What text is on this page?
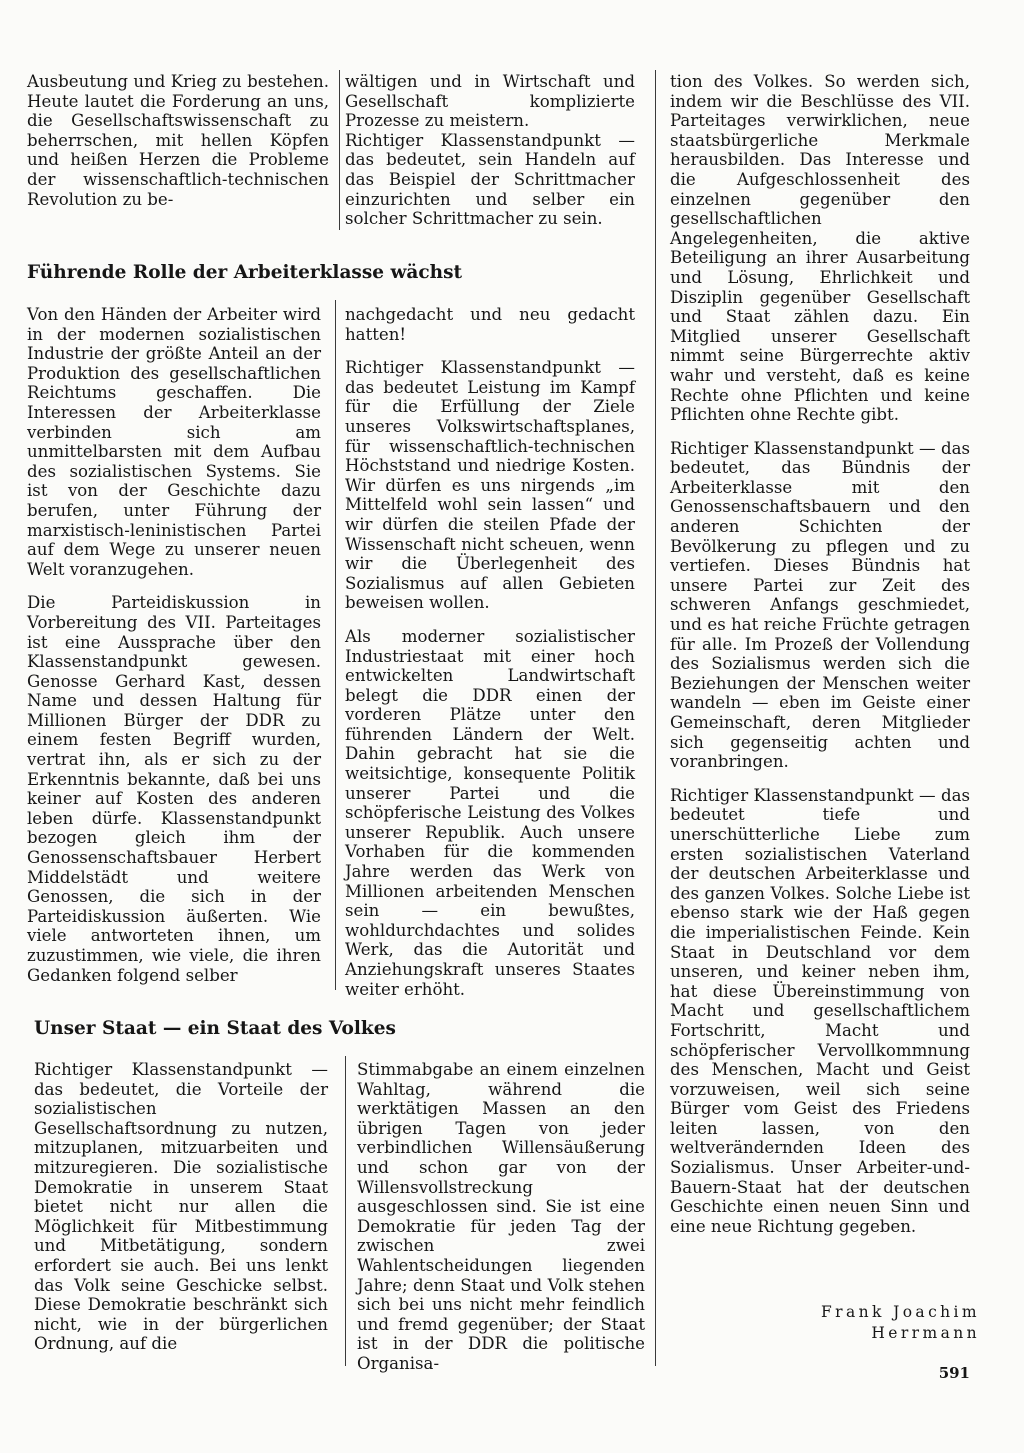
Ausbeutung und Krieg zu bestehen. Heute lautet die Forderung an uns, die Gesellschaftswissenschaft zu beherrschen, mit hellen Köpfen und heißen Herzen die Probleme der wissenschaftlich-technischen Revolution zu be-

wältigen und in Wirtschaft und Gesellschaft komplizierte Prozesse zu meistern.

Richtiger Klassenstandpunkt — das bedeutet, sein Handeln auf das Beispiel der Schrittmacher einzurichten und selber ein solcher Schrittmacher zu sein.

Führende Rolle der Arbeiterklasse wächst

Von den Händen der Arbeiter wird in der modernen sozialistischen Industrie der größte Anteil an der Produktion des gesellschaftlichen Reichtums geschaffen. Die Interessen der Arbeiterklasse verbinden sich am unmittelbarsten mit dem Aufbau des sozialistischen Systems. Sie ist von der Geschichte dazu berufen, unter Führung der marxistisch-leninistischen Partei auf dem Wege zu unserer neuen Welt voranzugehen.

Die Parteidiskussion in Vorbereitung des VII. Parteitages ist eine Aussprache über den Klassenstandpunkt gewesen. Genosse Gerhard Kast, dessen Name und dessen Haltung für Millionen Bürger der DDR zu einem festen Begriff wurden, vertrat ihn, als er sich zu der Erkenntnis bekannte, daß bei uns keiner auf Kosten des anderen leben dürfe. Klassenstandpunkt bezogen gleich ihm der Genossenschaftsbauer Herbert Middelstädt und weitere Genossen, die sich in der Parteidiskussion äußerten. Wie viele antworteten ihnen, um zuzustimmen, wie viele, die ihren Gedanken folgend selber

nachgedacht und neu gedacht hatten!

Richtiger Klassenstandpunkt — das bedeutet Leistung im Kampf für die Erfüllung der Ziele unseres Volkswirtschaftsplanes, für wissenschaftlich-technischen Höchststand und niedrige Kosten. Wir dürfen es uns nirgends „im Mittelfeld wohl sein lassen“ und wir dürfen die steilen Pfade der Wissenschaft nicht scheuen, wenn wir die Überlegenheit des Sozialismus auf allen Gebieten beweisen wollen.

Als moderner sozialistischer Industriestaat mit einer hoch entwickelten Landwirtschaft belegt die DDR einen der vorderen Plätze unter den führenden Ländern der Welt. Dahin gebracht hat sie die weitsichtige, konsequente Politik unserer Partei und die schöpferische Leistung des Volkes unserer Republik. Auch unsere Vorhaben für die kommenden Jahre werden das Werk von Millionen arbeitenden Menschen sein — ein bewußtes, wohldurchdachtes und solides Werk, das die Autorität und Anziehungskraft unseres Staates weiter erhöht.

Unser Staat — ein Staat des Volkes

Richtiger Klassenstandpunkt — das bedeutet, die Vorteile der sozialistischen Gesellschaftsordnung zu nutzen, mitzuplanen, mitzuarbeiten und mitzuregieren. Die sozialistische Demokratie in unserem Staat bietet nicht nur allen die Möglichkeit für Mitbestimmung und Mitbetätigung, sondern erfordert sie auch. Bei uns lenkt das Volk seine Geschicke selbst. Diese Demokratie beschränkt sich nicht, wie in der bürgerlichen Ordnung, auf die

Stimmabgabe an einem einzelnen Wahltag, während die werktätigen Massen an den übrigen Tagen von jeder verbindlichen Willensäußerung und schon gar von der Willensvollstreckung ausgeschlossen sind. Sie ist eine Demokratie für jeden Tag der zwischen zwei Wahlentscheidungen liegenden Jahre; denn Staat und Volk stehen sich bei uns nicht mehr feindlich und fremd gegenüber; der Staat ist in der DDR die politische Organisa-

tion des Volkes. So werden sich, indem wir die Beschlüsse des VII. Parteitages verwirklichen, neue staatsbürgerliche Merkmale herausbilden. Das Interesse und die Aufgeschlossenheit des einzelnen gegenüber den gesellschaftlichen Angelegenheiten, die aktive Beteiligung an ihrer Ausarbeitung und Lösung, Ehrlichkeit und Disziplin gegenüber Gesellschaft und Staat zählen dazu. Ein Mitglied unserer Gesellschaft nimmt seine Bürgerrechte aktiv wahr und versteht, daß es keine Rechte ohne Pflichten und keine Pflichten ohne Rechte gibt.

Richtiger Klassenstandpunkt — das bedeutet, das Bündnis der Arbeiterklasse mit den Genossenschaftsbauern und den anderen Schichten der Bevölkerung zu pflegen und zu vertiefen. Dieses Bündnis hat unsere Partei zur Zeit des schweren Anfangs geschmiedet, und es hat reiche Früchte getragen für alle. Im Prozeß der Vollendung des Sozialismus werden sich die Beziehungen der Menschen weiter wandeln — eben im Geiste einer Gemeinschaft, deren Mitglieder sich gegenseitig achten und voranbringen.

Richtiger Klassenstandpunkt — das bedeutet tiefe und unerschütterliche Liebe zum ersten sozialistischen Vaterland der deutschen Arbeiterklasse und des ganzen Volkes. Solche Liebe ist ebenso stark wie der Haß gegen die imperialistischen Feinde. Kein Staat in Deutschland vor dem unseren, und keiner neben ihm, hat diese Übereinstimmung von Macht und gesellschaftlichem Fortschritt, Macht und schöpferischer Vervollkommnung des Menschen, Macht und Geist vorzuweisen, weil sich seine Bürger vom Geist des Friedens leiten lassen, von den weltverändernden Ideen des Sozialismus. Unser Arbeiter-und-Bauern-Staat hat der deutschen Geschichte einen neuen Sinn und eine neue Richtung gegeben.

Frank Joachim
Herrmann
591
